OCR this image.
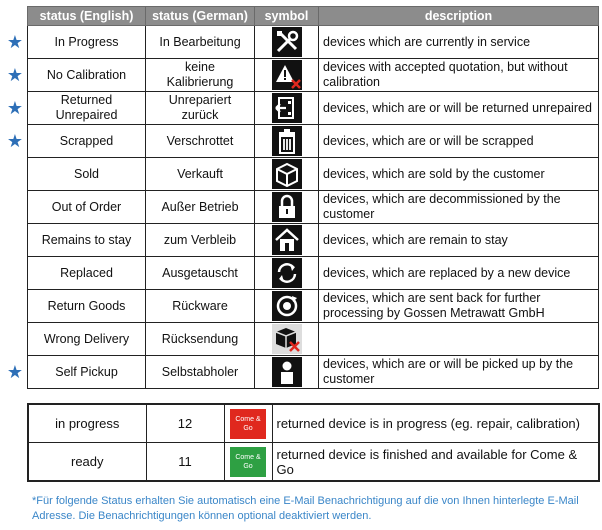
★
★
★
★
★
status (English)	status (German)	symbol	description
In Progress	In Bearbeitung		devices which are currently in service
No Calibration	keine Kalibrierung		devices with accepted quotation, but without calibration
Returned Unrepaired	Unrepariert zurück		devices, which are or will be returned unrepaired
Scrapped	Verschrottet		devices, which are or will be scrapped
Sold	Verkauft		devices, which are sold by the customer
Out of Order	Außer Betrieb		devices, which are decommissioned by the customer
Remains to stay	zum Verbleib		devices, which are remain to stay
Replaced	Ausgetauscht		devices, which are replaced by a new device
Return Goods	Rückware		devices, which are sent back for further processing by Gossen Metrawatt GmbH
Wrong Delivery	Rücksendung	

Self Pickup	Selbstabholer		devices, which are or will be picked up by the customer
in progress	12	Come & Go	returned device is in progress (eg. repair, calibration)
ready	11	Come & Go	returned device is finished and available for Come & Go
*Für folgende Status erhalten Sie automatisch eine E-Mail Benachrichtigung auf die von Ihnen hinterlegte E-Mail Adresse. Die Benachrichtigungen können optional deaktiviert werden.
